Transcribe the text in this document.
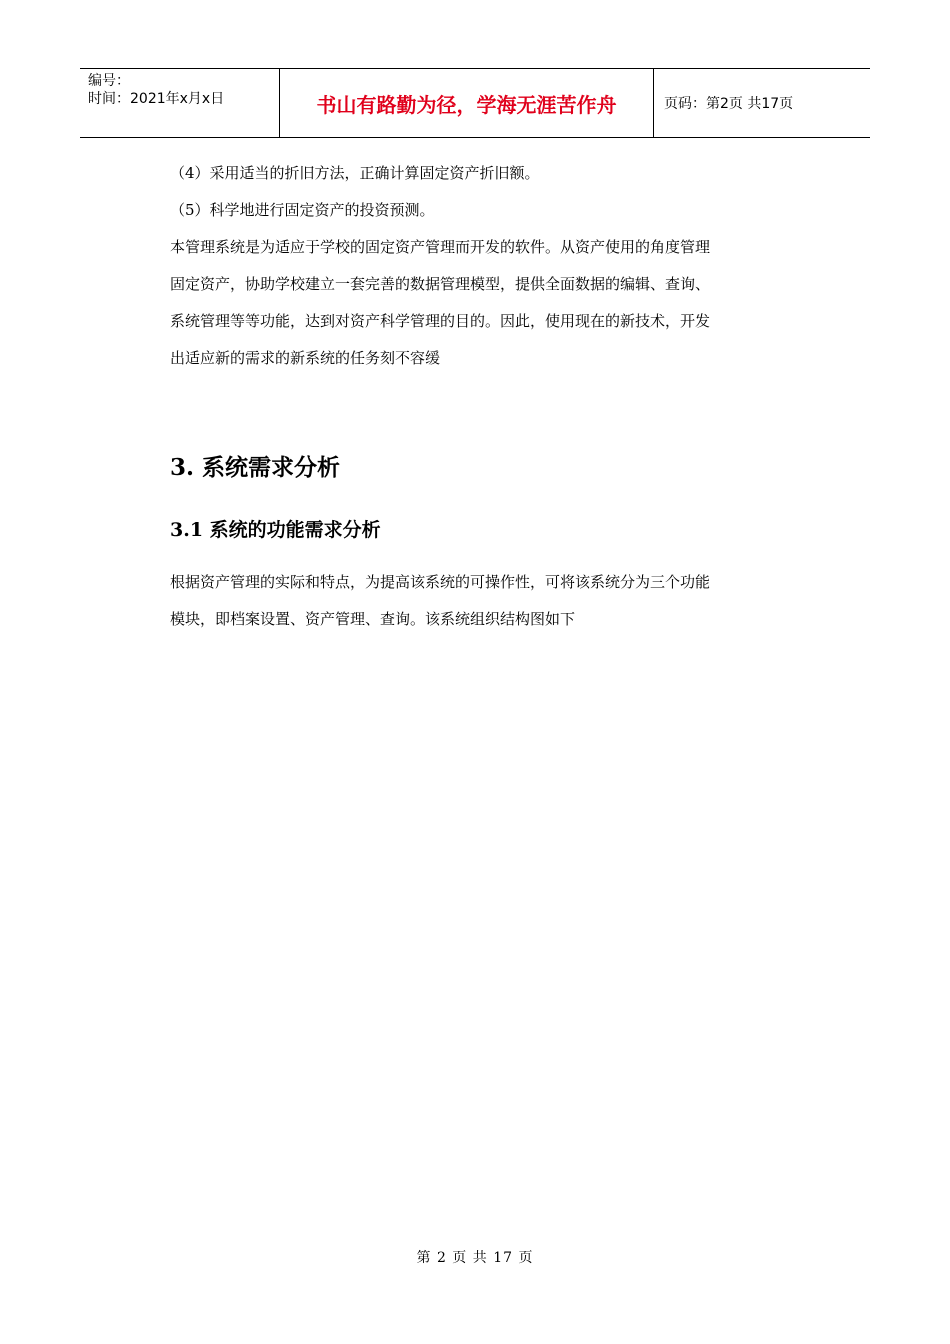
编号：
时间：2021年x月x日	书山有路勤为径，学海无涯苦作舟	页码：第2页 共17页

（4）采用适当的折旧方法，正确计算固定资产折旧额。

（5）科学地进行固定资产的投资预测。

本管理系统是为适应于学校的固定资产管理而开发的软件。从资产使用的角度管理

固定资产，协助学校建立一套完善的数据管理模型，提供全面数据的编辑、查询、

系统管理等等功能，达到对资产科学管理的目的。因此，使用现在的新技术，开发

出适应新的需求的新系统的任务刻不容缓

3. 系统需求分析
3.1 系统的功能需求分析

根据资产管理的实际和特点，为提高该系统的可操作性，可将该系统分为三个功能

模块，即档案设置、资产管理、查询。该系统组织结构图如下

第 2 页 共 17 页
